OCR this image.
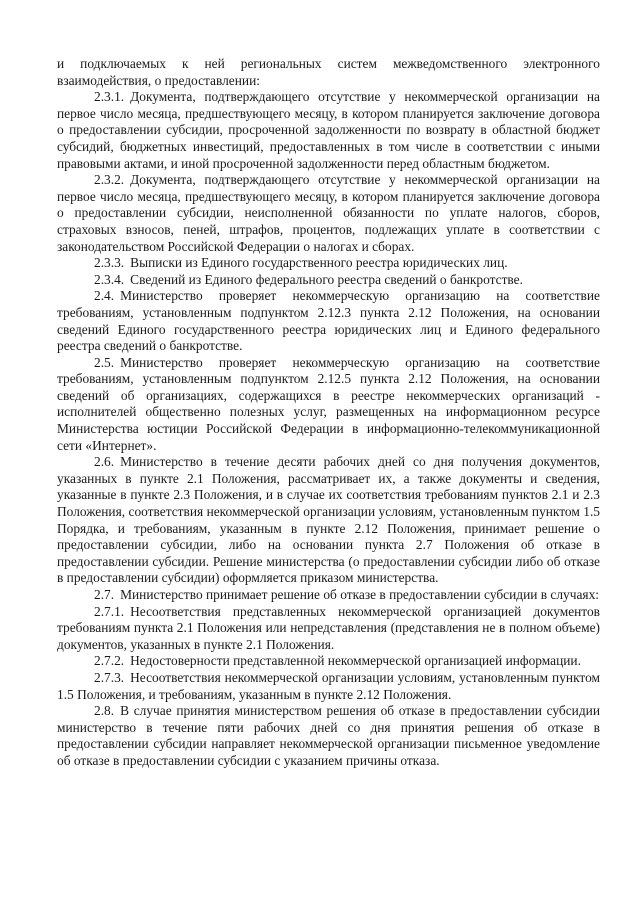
и подключаемых к ней региональных систем межведомственного электронного взаимодействия, о предоставлении:

2.3.1. Документа, подтверждающего отсутствие у некоммерческой организации на первое число месяца, предшествующего месяцу, в котором планируется заключение договора о предоставлении субсидии, просроченной задолженности по возврату в областной бюджет субсидий, бюджетных инвестиций, предоставленных в том числе в соответствии с иными правовыми актами, и иной просроченной задолженности перед областным бюджетом.

2.3.2. Документа, подтверждающего отсутствие у некоммерческой организации на первое число месяца, предшествующего месяцу, в котором планируется заключение договора о предоставлении субсидии, неисполненной обязанности по уплате налогов, сборов, страховых взносов, пеней, штрафов, процентов, подлежащих уплате в соответствии с законодательством Российской Федерации о налогах и сборах.

2.3.3. Выписки из Единого государственного реестра юридических лиц.

2.3.4. Сведений из Единого федерального реестра сведений о банкротстве.

2.4. Министерство проверяет некоммерческую организацию на соответствие требованиям, установленным подпунктом 2.12.3 пункта 2.12 Положения, на основании сведений Единого государственного реестра юридических лиц и Единого федерального реестра сведений о банкротстве.

2.5. Министерство проверяет некоммерческую организацию на соответствие требованиям, установленным подпунктом 2.12.5 пункта 2.12 Положения, на основании сведений об организациях, содержащихся в реестре некоммерческих организаций - исполнителей общественно полезных услуг, размещенных на информационном ресурсе Министерства юстиции Российской Федерации в информационно-телекоммуникационной сети «Интернет».

2.6. Министерство в течение десяти рабочих дней со дня получения документов, указанных в пункте 2.1 Положения, рассматривает их, а также документы и сведения, указанные в пункте 2.3 Положения, и в случае их соответствия требованиям пунктов 2.1 и 2.3 Положения, соответствия некоммерческой организации условиям, установленным пунктом 1.5 Порядка, и требованиям, указанным в пункте 2.12 Положения, принимает решение о предоставлении субсидии, либо на основании пункта 2.7 Положения об отказе в предоставлении субсидии. Решение министерства (о предоставлении субсидии либо об отказе в предоставлении субсидии) оформляется приказом министерства.

2.7. Министерство принимает решение об отказе в предоставлении субсидии в случаях:

2.7.1. Несоответствия представленных некоммерческой организацией документов требованиям пункта 2.1 Положения или непредставления (представления не в полном объеме) документов, указанных в пункте 2.1 Положения.

2.7.2. Недостоверности представленной некоммерческой организацией информации.

2.7.3. Несоответствия некоммерческой организации условиям, установленным пунктом 1.5 Положения, и требованиям, указанным в пункте 2.12 Положения.

2.8. В случае принятия министерством решения об отказе в предоставлении субсидии министерство в течение пяти рабочих дней со дня принятия решения об отказе в предоставлении субсидии направляет некоммерческой организации письменное уведомление об отказе в предоставлении субсидии с указанием причины отказа.
